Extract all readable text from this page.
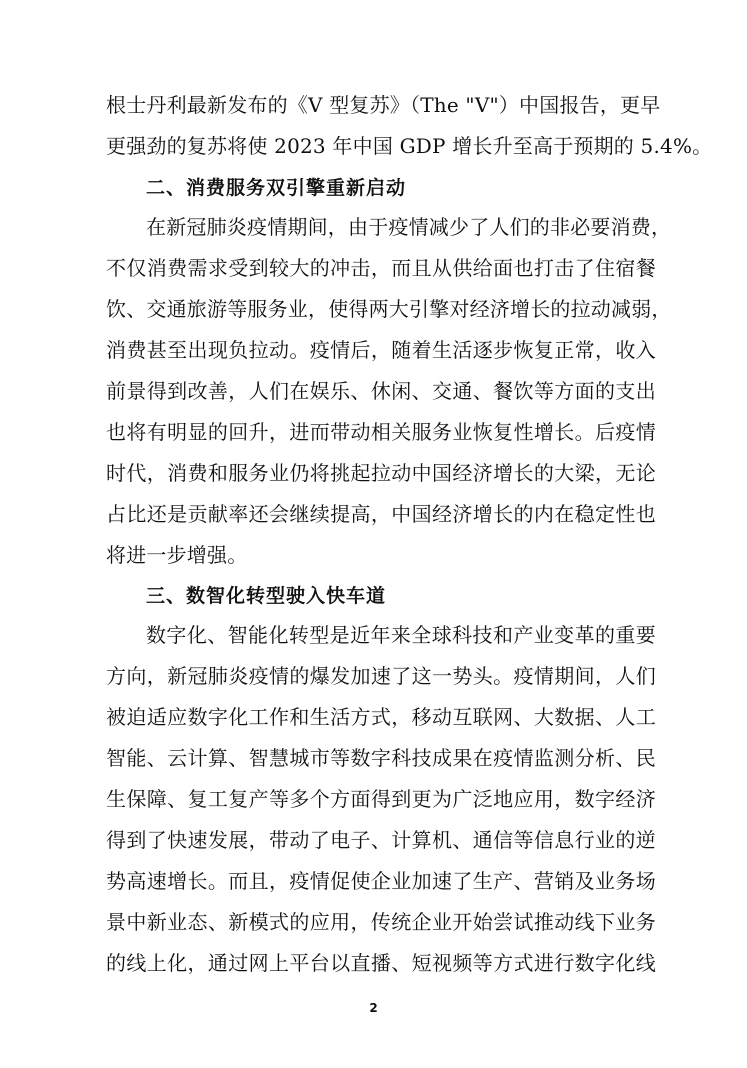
根士丹利最新发布的《V 型复苏》（The "V"）中国报告，更早
更强劲的复苏将使 2023 年中国 GDP 增长升至高于预期的 5.4%。
二、消费服务双引擎重新启动
在新冠肺炎疫情期间，由于疫情减少了人们的非必要消费，
不仅消费需求受到较大的冲击，而且从供给面也打击了住宿餐
饮、交通旅游等服务业，使得两大引擎对经济增长的拉动减弱，
消费甚至出现负拉动。疫情后，随着生活逐步恢复正常，收入
前景得到改善，人们在娱乐、休闲、交通、餐饮等方面的支出
也将有明显的回升，进而带动相关服务业恢复性增长。后疫情
时代，消费和服务业仍将挑起拉动中国经济增长的大梁，无论
占比还是贡献率还会继续提高，中国经济增长的内在稳定性也
将进一步增强。
三、数智化转型驶入快车道
数字化、智能化转型是近年来全球科技和产业变革的重要
方向，新冠肺炎疫情的爆发加速了这一势头。疫情期间，人们
被迫适应数字化工作和生活方式，移动互联网、大数据、人工
智能、云计算、智慧城市等数字科技成果在疫情监测分析、民
生保障、复工复产等多个方面得到更为广泛地应用，数字经济
得到了快速发展，带动了电子、计算机、通信等信息行业的逆
势高速增长。而且，疫情促使企业加速了生产、营销及业务场
景中新业态、新模式的应用，传统企业开始尝试推动线下业务
的线上化，通过网上平台以直播、短视频等方式进行数字化线
2
